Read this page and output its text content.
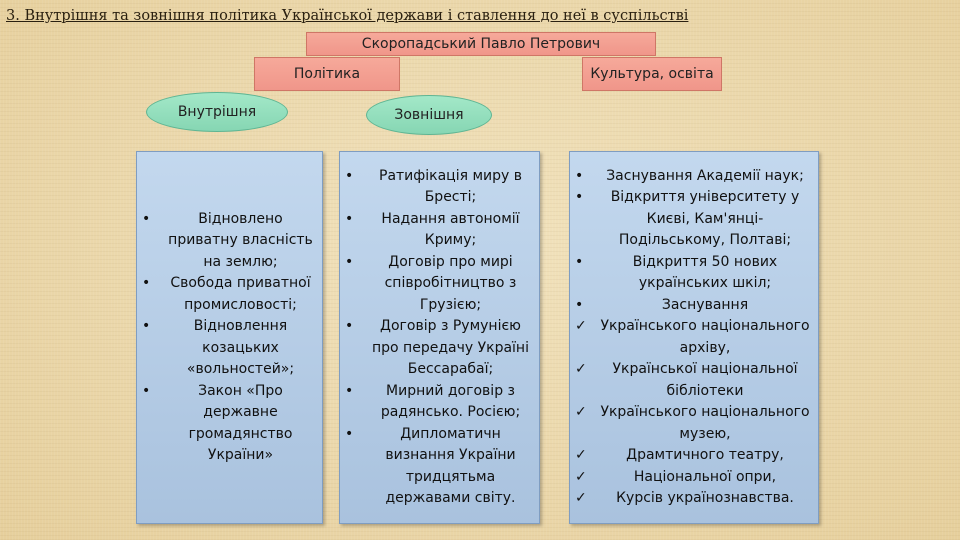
3. Внутрішня та зовнішня політика Української держави і ставлення до неї в суспільстві
Скоропадський Павло Петрович
Політика	Культура, освіта
Внутрішня	Зовнішня
•	Відновлено приватну власність на землю;
•	Свобода приватної промисловості;
•	Відновлення козацьких «вольностей»;
•	Закон «Про державне громадянство України»
•	Ратифікація миру в Бресті;
•	Надання автономії Криму;
•	Договір про мирі співробітництво з Грузією;
•	Договір з Румунією про передачу Україні Бессарабаї;
•	Мирний договір з радянсько. Росією;
•	Дипломатичн визнання України тридцятьма державами світу.
•	Заснування Академії наук;
•	Відкриття університету у Києві, Кам'янці-Подільському, Полтаві;
•	Відкриття 50 нових українських шкіл;
•	Заснування
✓ Українського національного архіву,
✓	Української національної бібліотеки
✓ Українського національного музею,
✓	Драмтичного театру,
✓	Національної опри,
✓	Курсів українознавства.
